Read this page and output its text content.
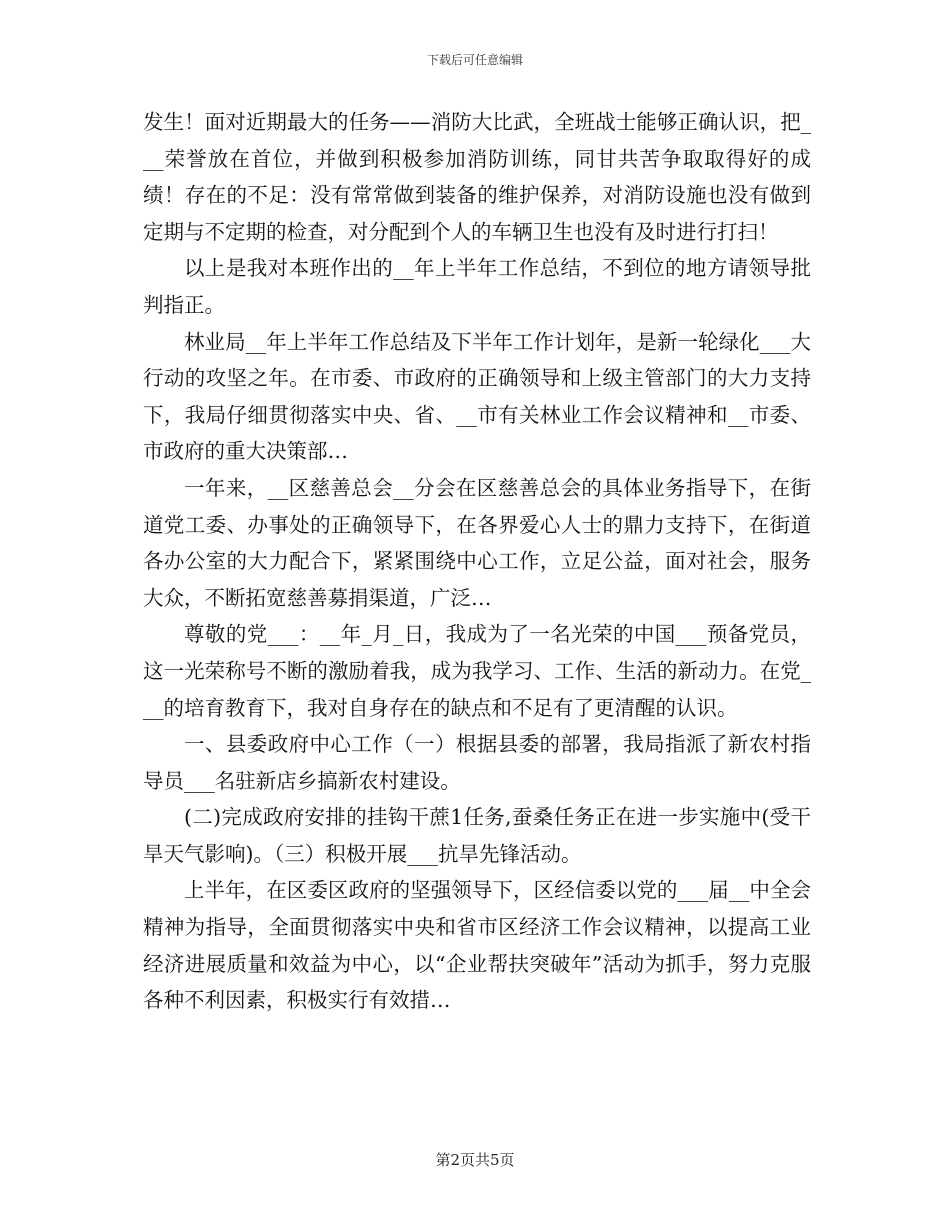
下载后可任意编辑

发生！面对近期最大的任务——消防大比武，全班战士能够正确认识，把___荣誉放在首位，并做到积极参加消防训练，同甘共苦争取取得好的成绩！存在的不足：没有常常做到装备的维护保养，对消防设施也没有做到定期与不定期的检查，对分配到个人的车辆卫生也没有及时进行打扫！

以上是我对本班作出的__年上半年工作总结，不到位的地方请领导批判指正。

林业局__年上半年工作总结及下半年工作计划年，是新一轮绿化___大行动的攻坚之年。在市委、市政府的正确领导和上级主管部门的大力支持下，我局仔细贯彻落实中央、省、__市有关林业工作会议精神和__市委、市政府的重大决策部…

一年来，__区慈善总会__分会在区慈善总会的具体业务指导下，在街道党工委、办事处的正确领导下，在各界爱心人士的鼎力支持下，在街道各办公室的大力配合下，紧紧围绕中心工作，立足公益，面对社会，服务大众，不断拓宽慈善募捐渠道，广泛…

尊敬的党___：__年_月_日，我成为了一名光荣的中国___预备党员，这一光荣称号不断的激励着我，成为我学习、工作、生活的新动力。在党___的培育教育下，我对自身存在的缺点和不足有了更清醒的认识。

一、县委政府中心工作（一）根据县委的部署，我局指派了新农村指导员___名驻新店乡搞新农村建设。

(二)完成政府安排的挂钩干蔗1任务,蚕桑任务正在进一步实施中(受干旱天气影响)。（三）积极开展___抗旱先锋活动。

上半年，在区委区政府的坚强领导下，区经信委以党的___届__中全会精神为指导，全面贯彻落实中央和省市区经济工作会议精神，以提高工业经济进展质量和效益为中心，以“企业帮扶突破年”活动为抓手，努力克服各种不利因素，积极实行有效措…

第2页共5页
